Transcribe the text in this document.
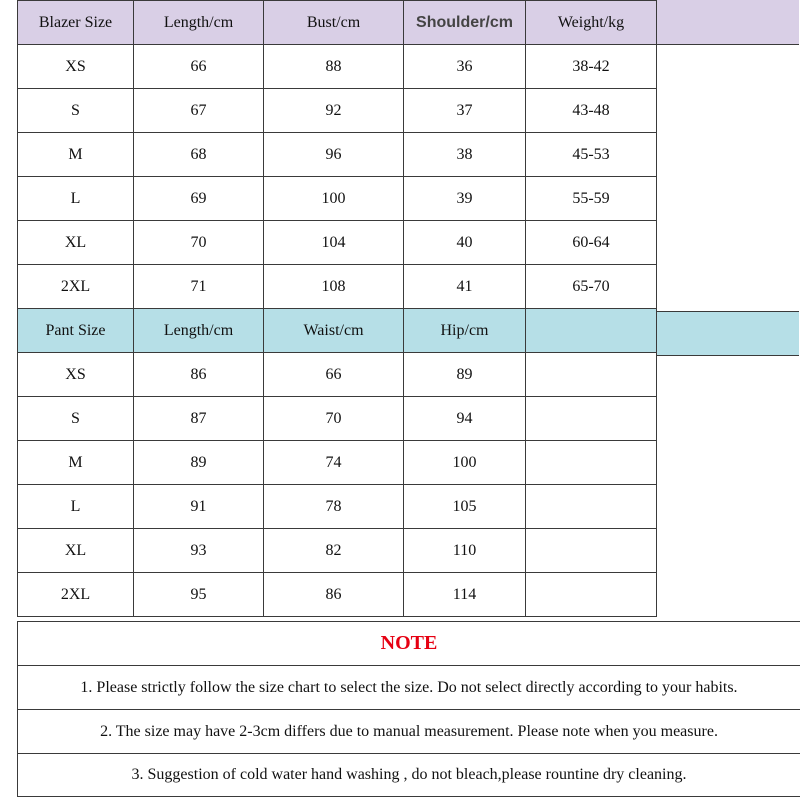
Blazer Size	Length/cm	Bust/cm	Shoulder/cm	Weight/kg
XS	66	88	36	38-42
S	67	92	37	43-48
M	68	96	38	45-53
L	69	100	39	55-59
XL	70	104	40	60-64
2XL	71	108	41	65-70
Pant Size	Length/cm	Waist/cm	Hip/cm	
XS	86	66	89	
S	87	70	94	
M	89	74	100	
L	91	78	105	
XL	93	82	110	
2XL	95	86	114	
NOTE
1. Please strictly follow the size chart to select the size. Do not select directly according to your habits.
2. The size may have 2-3cm differs due to manual measurement. Please note when you measure.
3. Suggestion of cold water hand washing , do not bleach,please rountine dry cleaning.
